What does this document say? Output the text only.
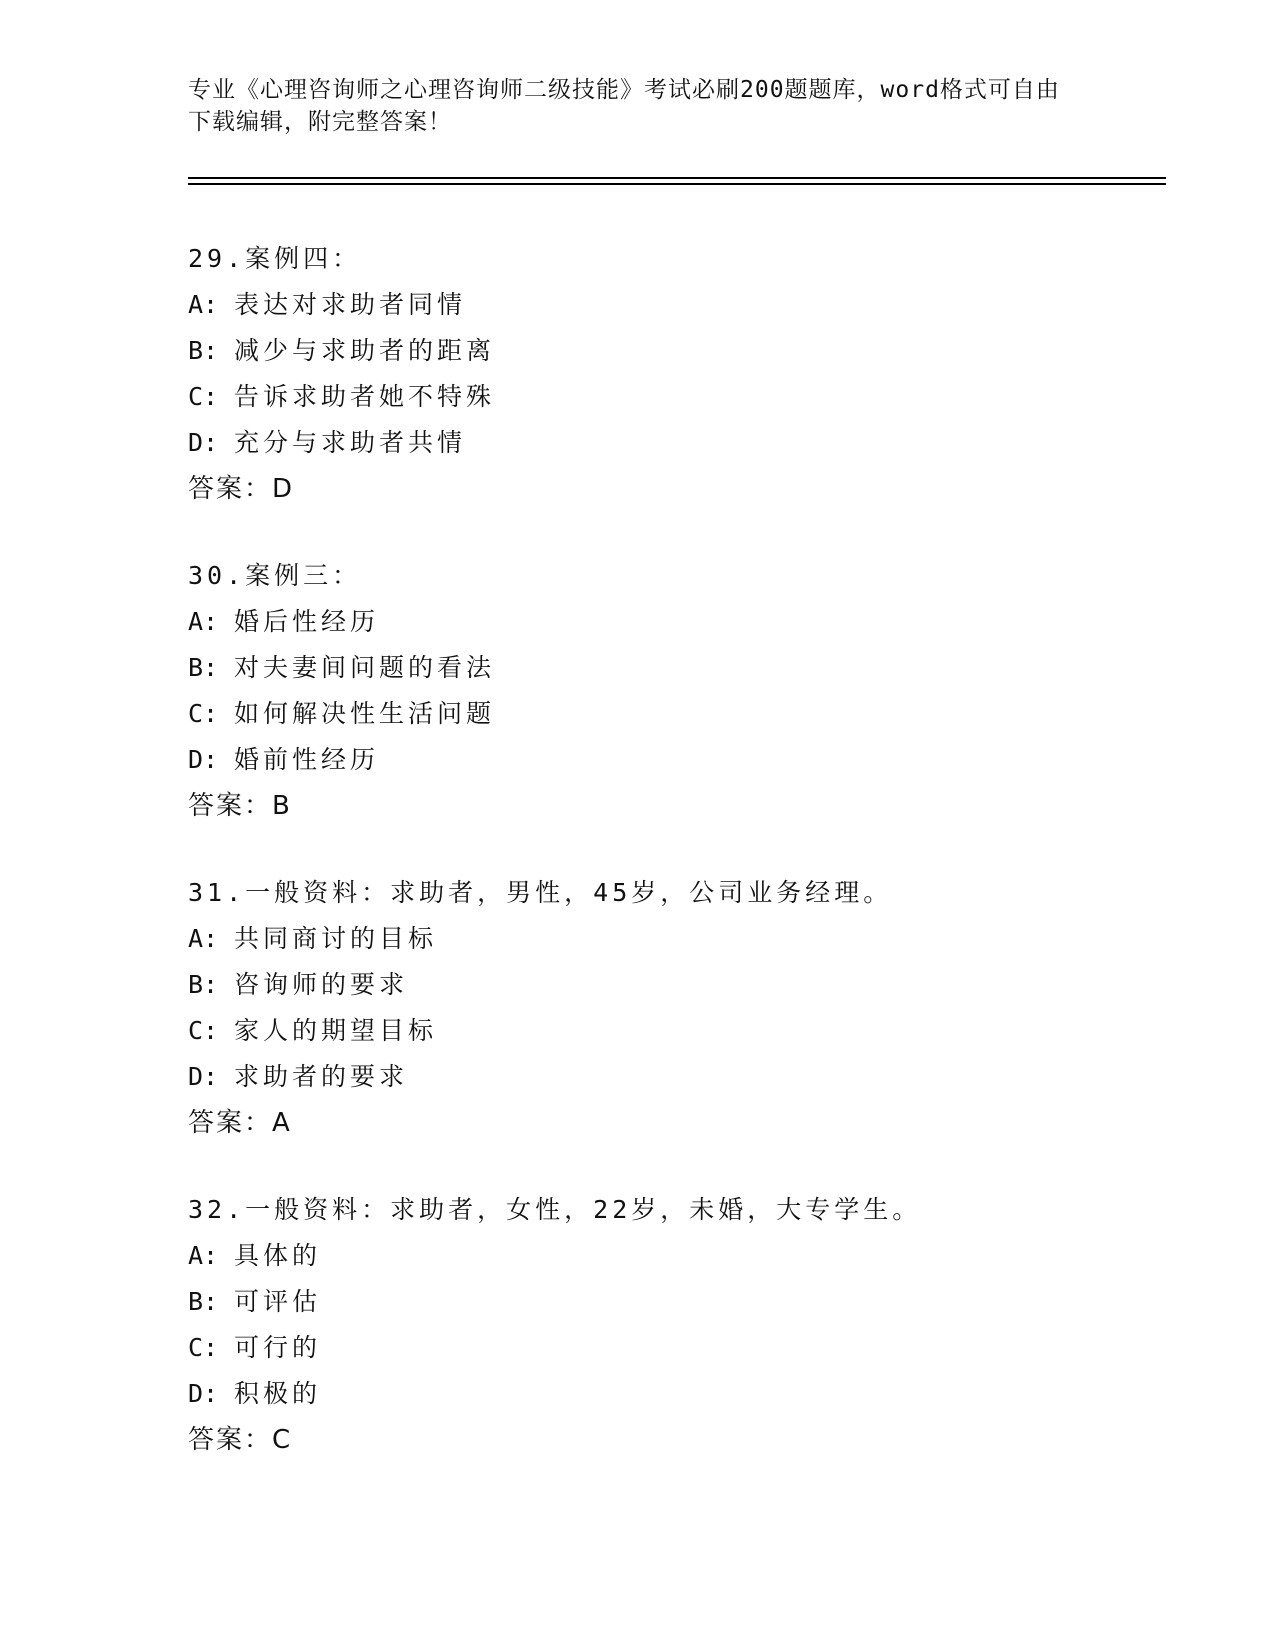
专业《心理咨询师之心理咨询师二级技能》考试必刷200题题库，word格式可自由下载编辑，附完整答案！
29.案例四：
A: 表达对求助者同情
B: 减少与求助者的距离
C: 告诉求助者她不特殊
D: 充分与求助者共情
答案：D
30.案例三：
A: 婚后性经历
B: 对夫妻间问题的看法
C: 如何解决性生活问题
D: 婚前性经历
答案：B
31.一般资料：求助者，男性，45岁，公司业务经理。
A: 共同商讨的目标
B: 咨询师的要求
C: 家人的期望目标
D: 求助者的要求
答案：A
32.一般资料：求助者，女性，22岁，未婚，大专学生。
A: 具体的
B: 可评估
C: 可行的
D: 积极的
答案：C
